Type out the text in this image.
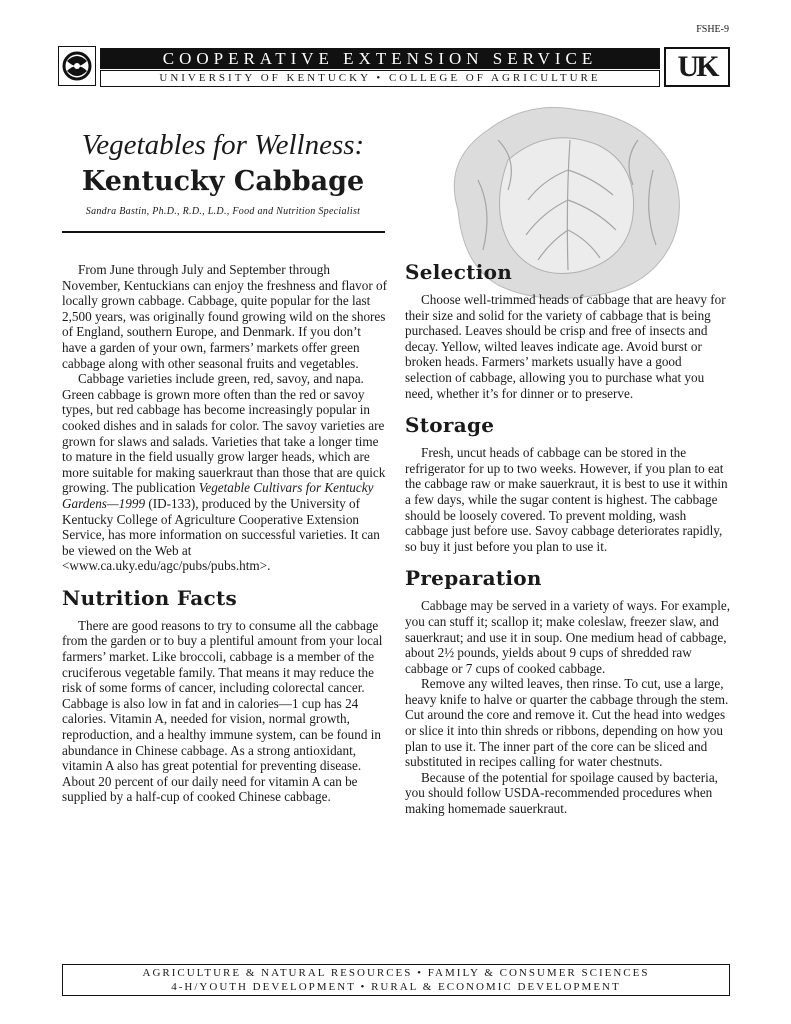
FSHE-9
COOPERATIVE EXTENSION SERVICE
UNIVERSITY OF KENTUCKY • COLLEGE OF AGRICULTURE	UK
Vegetables for Wellness:
Kentucky Cabbage
Sandra Bastin, Ph.D., R.D., L.D., Food and Nutrition Specialist

From June through July and September through November, Kentuckians can enjoy the freshness and flavor of locally grown cabbage. Cabbage, quite popular for the last 2,500 years, was originally found growing wild on the shores of England, southern Europe, and Denmark. If you don’t have a garden of your own, farmers’ markets offer green cabbage along with other seasonal fruits and vegetables.

Cabbage varieties include green, red, savoy, and napa. Green cabbage is grown more often than the red or savoy types, but red cabbage has become increasingly popular in cooked dishes and in salads for color. The savoy varieties are grown for slaws and salads. Varieties that take a longer time to mature in the field usually grow larger heads, which are more suitable for making sauerkraut than those that are quick growing. The publication Vegetable Cultivars for Kentucky Gardens—1999 (ID-133), produced by the University of Kentucky College of Agriculture Cooperative Extension Service, has more information on successful varieties. It can be viewed on the Web at <www.ca.uky.edu/agc/pubs/pubs.htm>.

Nutrition Facts

There are good reasons to try to consume all the cabbage from the garden or to buy a plentiful amount from your local farmers’ market. Like broccoli, cabbage is a member of the cruciferous vegetable family. That means it may reduce the risk of some forms of cancer, including colorectal cancer. Cabbage is also low in fat and in calories—1 cup has 24 calories. Vitamin A, needed for vision, normal growth, reproduction, and a healthy immune system, can be found in abundance in Chinese cabbage. As a strong antioxidant, vitamin A also has great potential for preventing disease. About 20 percent of our daily need for vitamin A can be supplied by a half-cup of cooked Chinese cabbage.

Selection

Choose well-trimmed heads of cabbage that are heavy for their size and solid for the variety of cabbage that is being purchased. Leaves should be crisp and free of insects and decay. Yellow, wilted leaves indicate age. Avoid burst or broken heads. Farmers’ markets usually have a good selection of cabbage, allowing you to purchase what you need, whether it’s for dinner or to preserve.

Storage

Fresh, uncut heads of cabbage can be stored in the refrigerator for up to two weeks. However, if you plan to eat the cabbage raw or make sauerkraut, it is best to use it within a few days, while the sugar content is highest. The cabbage should be loosely covered. To prevent molding, wash cabbage just before use. Savoy cabbage deteriorates rapidly, so buy it just before you plan to use it.

Preparation

Cabbage may be served in a variety of ways. For example, you can stuff it; scallop it; make coleslaw, freezer slaw, and sauerkraut; and use it in soup. One medium head of cabbage, about 2½ pounds, yields about 9 cups of shredded raw cabbage or 7 cups of cooked cabbage.

Remove any wilted leaves, then rinse. To cut, use a large, heavy knife to halve or quarter the cabbage through the stem. Cut around the core and remove it. Cut the head into wedges or slice it into thin shreds or ribbons, depending on how you plan to use it. The inner part of the core can be sliced and substituted in recipes calling for water chestnuts.

Because of the potential for spoilage caused by bacteria, you should follow USDA-recommended procedures when making homemade sauerkraut.

AGRICULTURE & NATURAL RESOURCES • FAMILY & CONSUMER SCIENCES
4-H/YOUTH DEVELOPMENT • RURAL & ECONOMIC DEVELOPMENT
